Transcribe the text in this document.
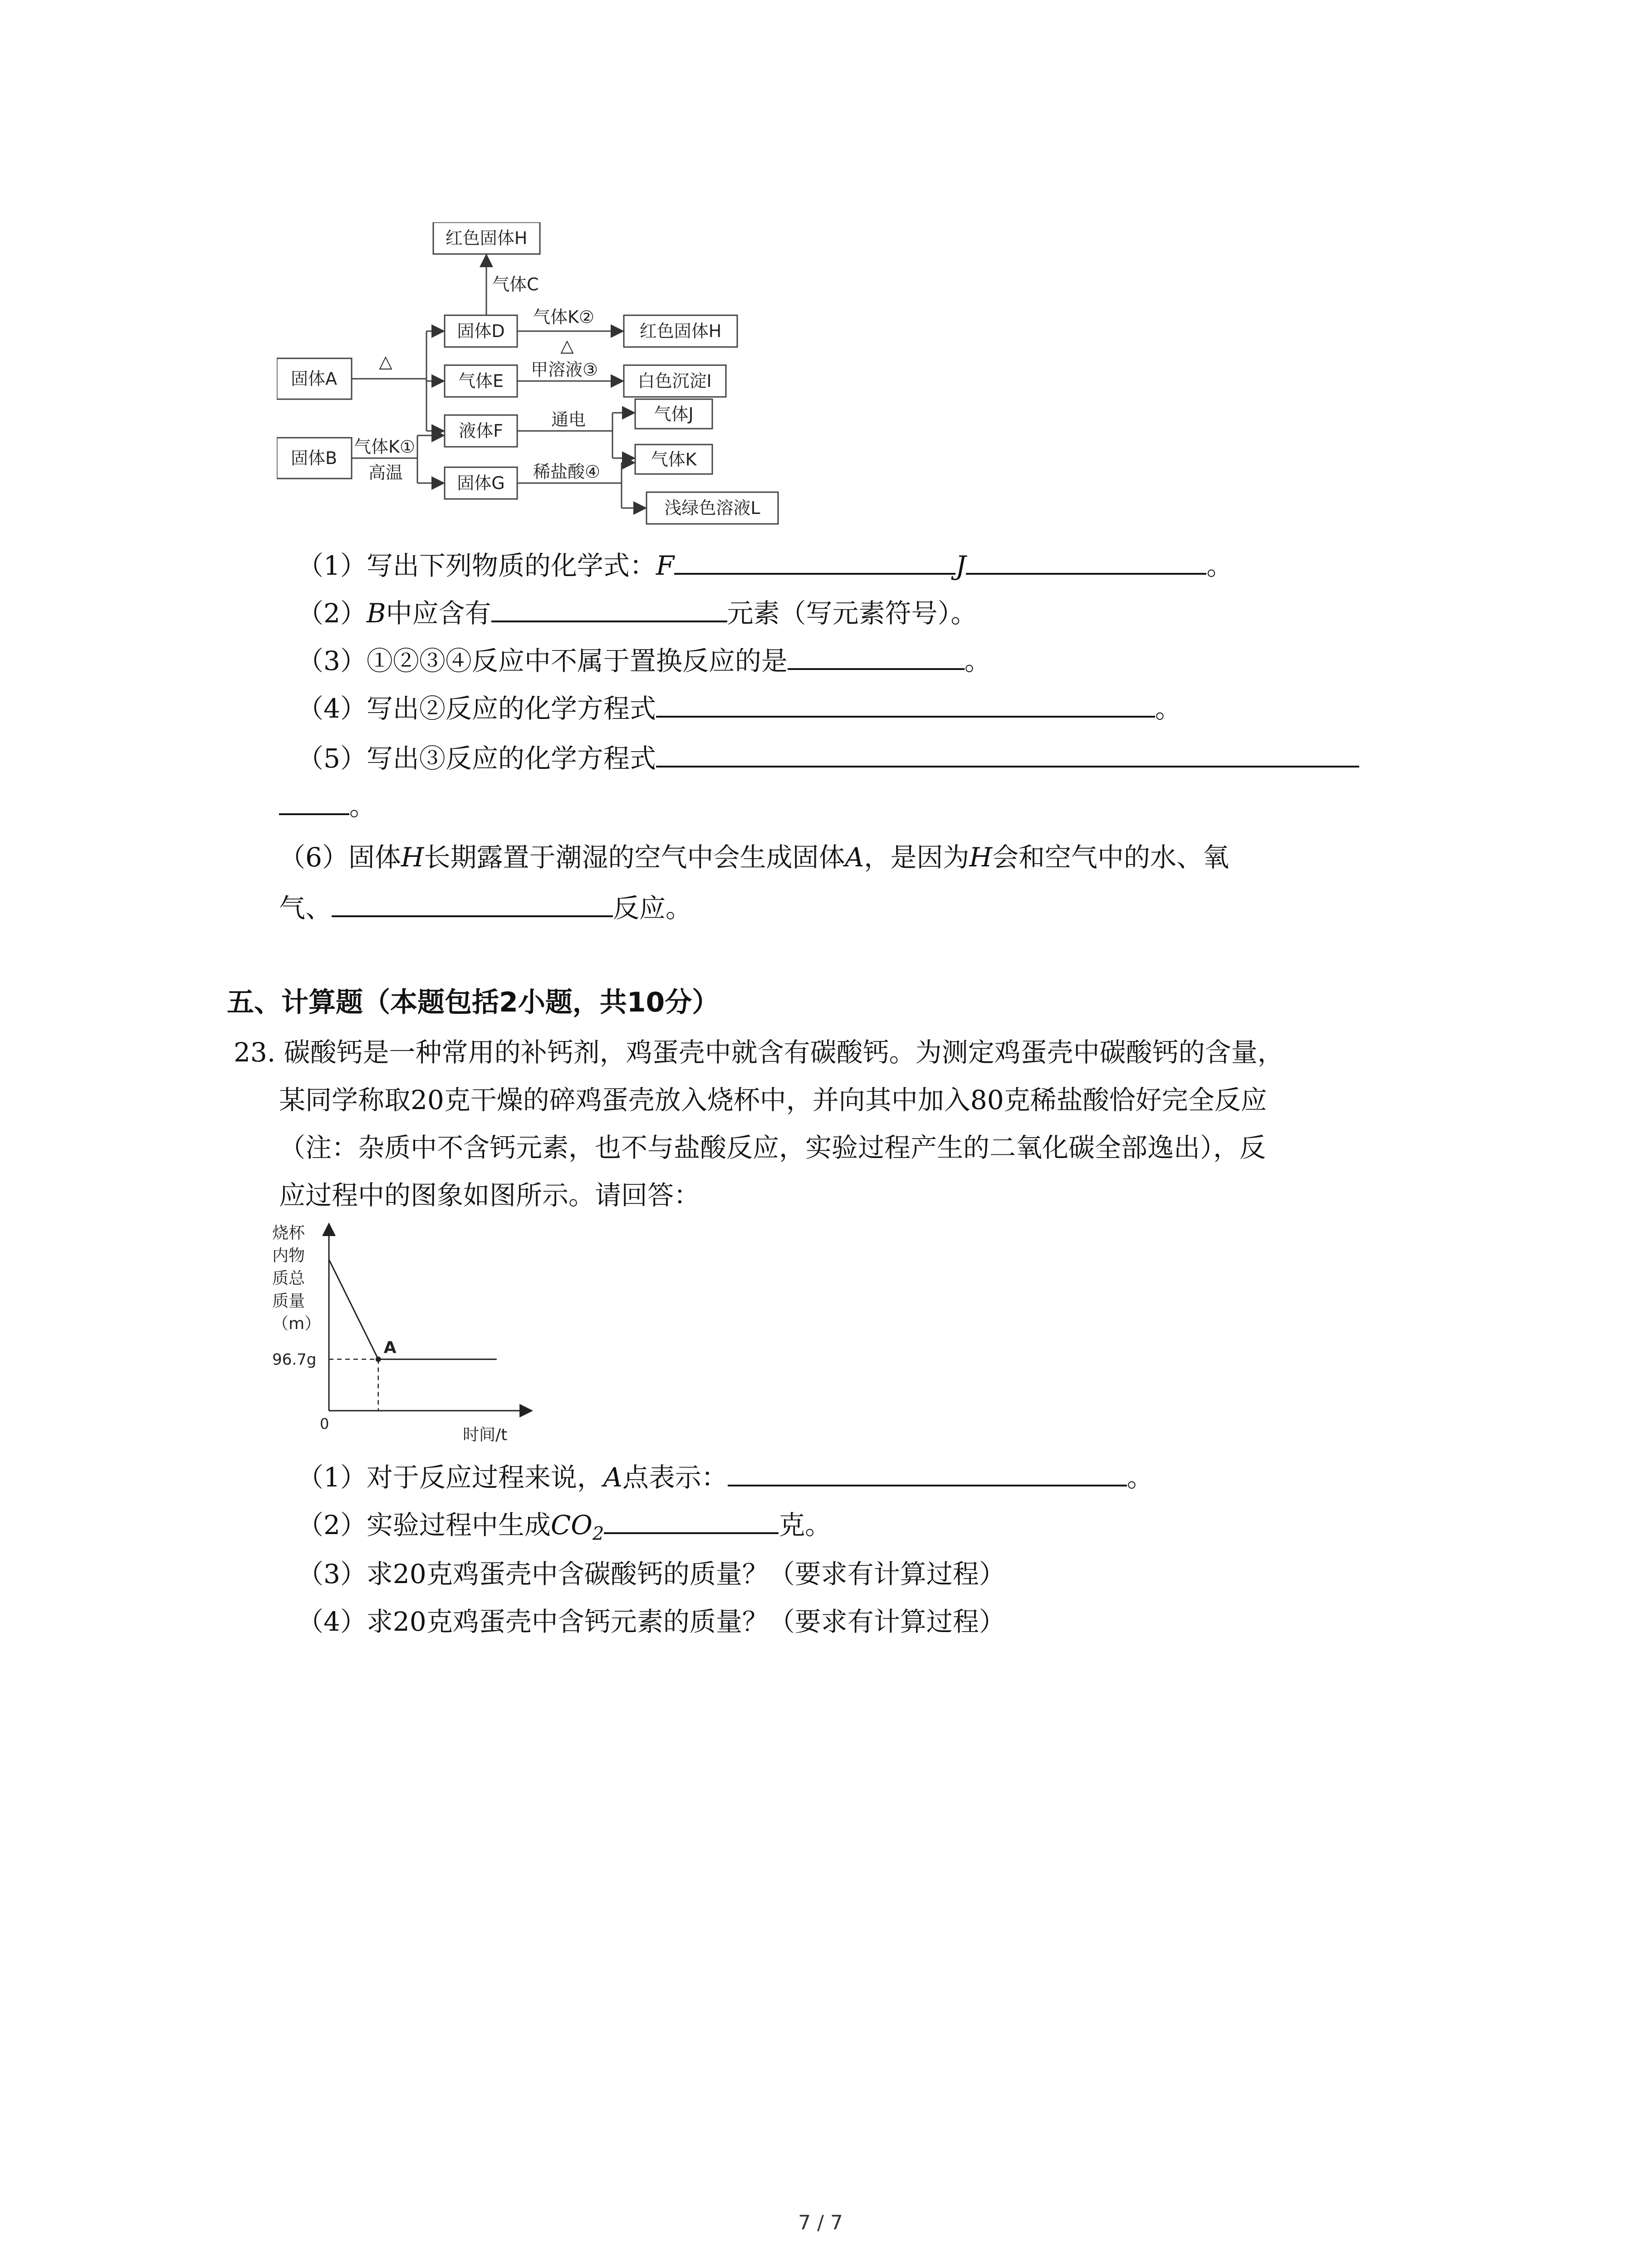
红色固体H
固体A
固体D
气体E
液体F
固体B
固体G
红色固体H
白色沉淀I
气体J
气体K
浅绿色溶液L
△
气体C
气体K②
△
甲溶液③
通电
气体K①
高温	稀盐酸④
（1）写出下列物质的化学式：F	J	。
（2）B中应含有	元素（写元素符号）。
（3）①②③④反应中不属于置换反应的是	。
（4）写出②反应的化学方程式	。
（5）写出③反应的化学方程式
。
（6）固体H长期露置于潮湿的空气中会生成固体A，是因为H会和空气中的水、氧
气、	反应。
五、计算题（本题包括2小题，共10分）
23. 碳酸钙是一种常用的补钙剂，鸡蛋壳中就含有碳酸钙。为测定鸡蛋壳中碳酸钙的含量，
某同学称取20克干燥的碎鸡蛋壳放入烧杯中，并向其中加入80克稀盐酸恰好完全反应
（注：杂质中不含钙元素，也不与盐酸反应，实验过程产生的二氧化碳全部逸出），反
应过程中的图象如图所示。请回答：
烧杯
内物
质总
质量
（m）
0
时间/t
A
96.7g
（1）对于反应过程来说，A点表示：	。
（2）实验过程中生成$CO_2$	克。
（3）求20克鸡蛋壳中含碳酸钙的质量？（要求有计算过程）
（4）求20克鸡蛋壳中含钙元素的质量？（要求有计算过程）
7 / 7
